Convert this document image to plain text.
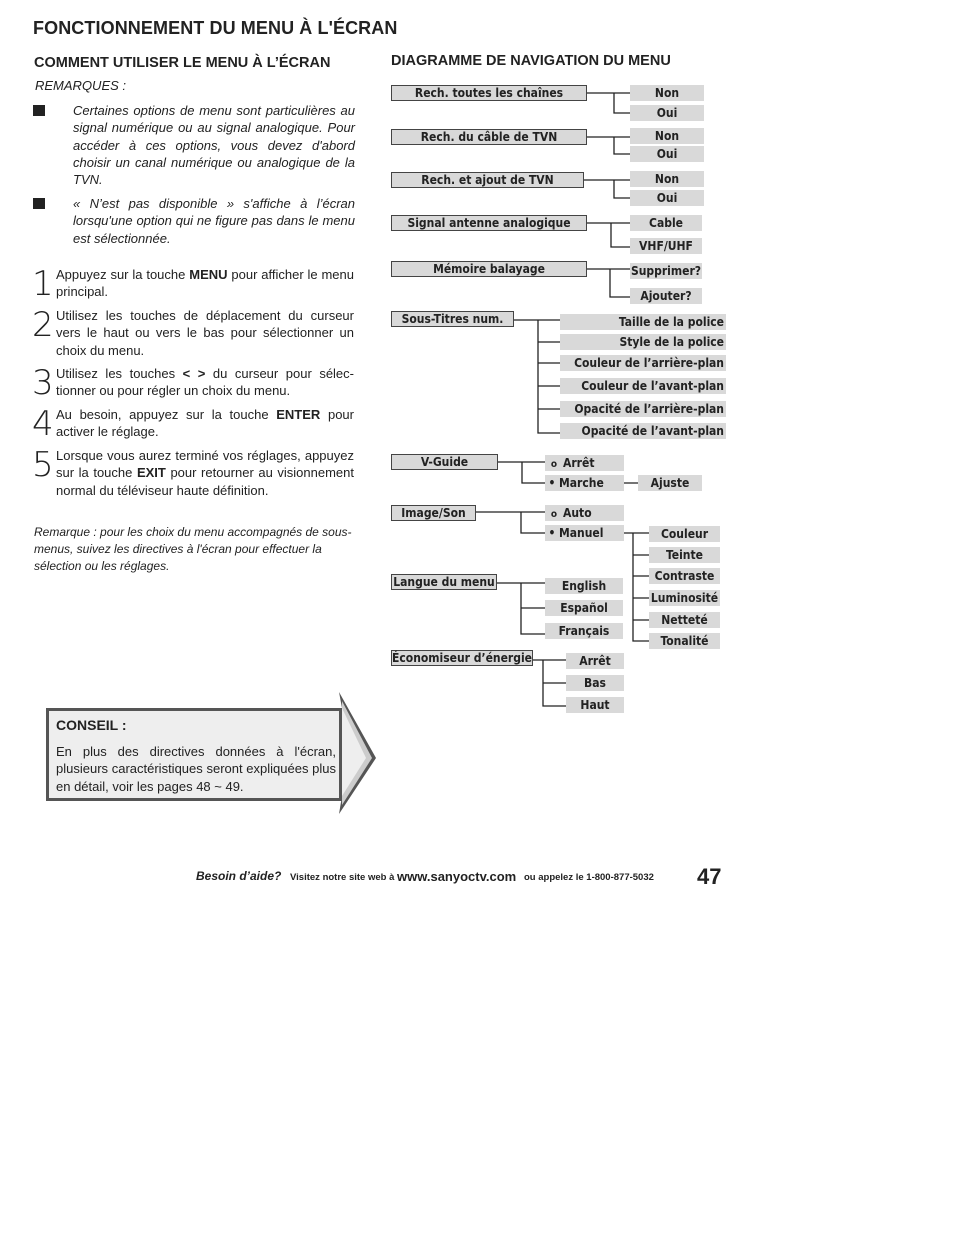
FONCTIONNEMENT DU MENU À L'ÉCRAN
COMMENT UTILISER LE MENU À L’ÉCRAN
REMARQUES :
Certaines options de menu sont particulières au signal numérique ou au signal analogique. Pour accéder à ces options, vous devez d'abord choisir un canal numérique ou analogique de la TVN.
« N’est pas disponible » s'affiche à l’écran lorsqu'une option qui ne figure pas dans le menu est sélectionnée.
1 Appuyez sur la touche MENU pour afficher le menu principal.
2 Utilisez les touches de déplacement du curseur vers le haut ou vers le bas pour sélectionner un choix du menu.
3 Utilisez les touches < > du curseur pour sélec-tionner ou pour régler un choix du menu.
4 Au besoin, appuyez sur la touche ENTER pour activer le réglage.
5 Lorsque vous aurez terminé vos réglages, appuyez sur la touche EXIT pour retourner au visionnement normal du téléviseur haute définition.
Remarque : pour les choix du menu accompagnés de sous-menus, suivez les directives à l'écran pour effectuer la sélection ou les réglages.
CONSEIL :
En plus des directives données à l'écran, plusieurs caractéristiques seront expliquées plus en détail, voir les pages 48 ~ 49.
DIAGRAMME DE NAVIGATION DU MENU
Rech. toutes les chaînes	Non
Oui
Rech. du câble de TVN	Non
Oui
Rech. et ajout de TVN	Non
Oui
Signal antenne analogique	Cable
VHF/UHF
Mémoire balayage	Supprimer?
Ajouter?
Sous-Titres num.	Taille de la police
Style de la police
Couleur de l’arrière-plan
Couleur de l’avant-plan
Opacité de l’arrière-plan
Opacité de l’avant-plan
V-Guide	o Arrêt
• Marche	Ajuste
Image/Son	o Auto
• Manuel	Couleur
Teinte
Contraste
Luminosité
Netteté
Tonalité
Langue du menu	English
Español
Français
Économiseur d’énergie	Arrêt
Bas
Haut
Besoin d’aide? Visitez notre site web à www.sanyoctv.com ou appelez le 1-800-877-5032 47
